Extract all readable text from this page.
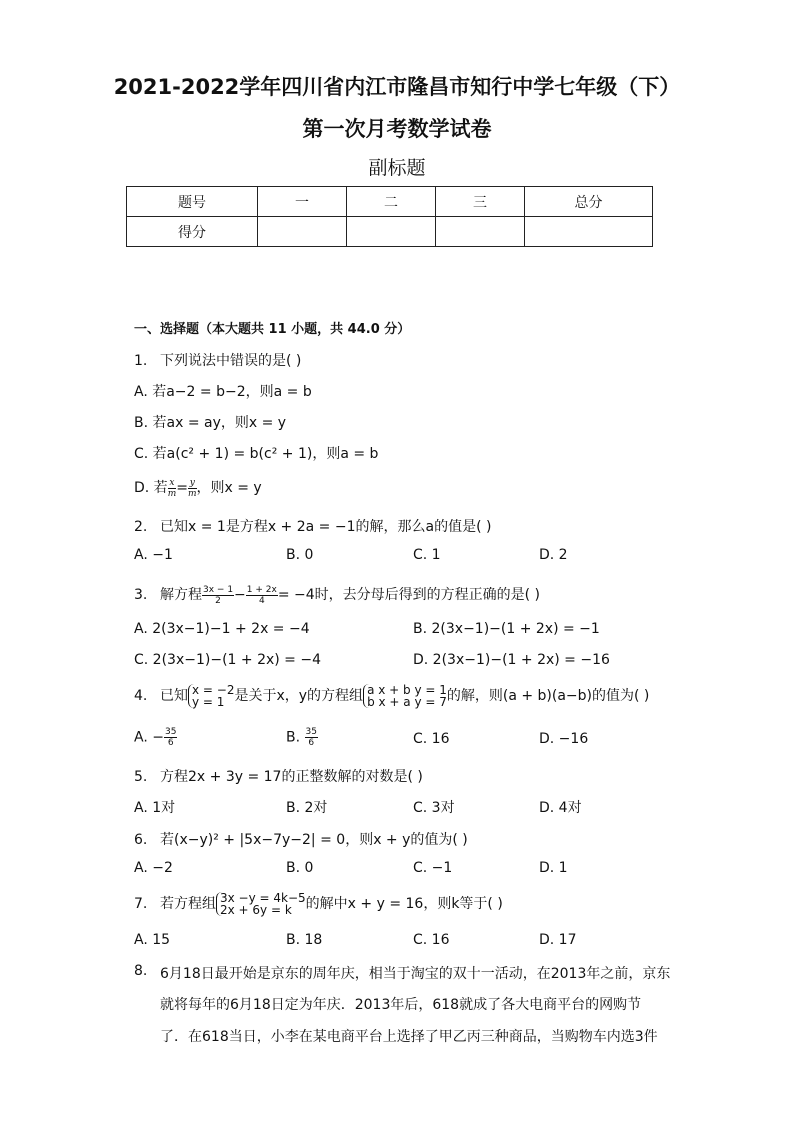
2021-2022学年四川省内江市隆昌市知行中学七年级（下）
第一次月考数学试卷
副标题
题号	一	二	三	总分
得分				
一、选择题（本大题共 11 小题，共 44.0 分）
1. 下列说法中错误的是( )
A. 若a−2 = b−2，则a = b
B. 若ax = ay，则x = y
C. 若a(c² + 1) = b(c² + 1)，则a = b
D. 若 $\frac{x}{m} = \frac{y}{m}$ ，则x = y
2. 已知x = 1是方程x + 2a = −1的解，那么a的值是( )
A. −1	B. 0	C. 1	D. 2
3. 解方程 $\frac{3x - 1}{2} - \frac{1 + 2x}{4} = -4$时，去分母后得到的方程正确的是( )
A. 2(3x−1)−1 + 2x = −4	B. 2(3x−1)−(1 + 2x) = −1
C. 2(3x−1)−(1 + 2x) = −4	D. 2(3x−1)−(1 + 2x) = −16
4. 已知 x = −2
y = 1 是关于x，y的方程组 a x + b y = 1
b x + a y = 7 的解，则(a + b)(a−b)的值为( )
A. − $\frac{35}{6}$	B. $\frac{35}{6}$	C. 16	D. −16
5. 方程2x + 3y = 17的正整数解的对数是( )
A. 1对	B. 2对	C. 3对	D. 4对
6. 若(x−y)² + |5x−7y−2| = 0，则x + y的值为( )
A. −2	B. 0	C. −1	D. 1
7. 若方程组 3x −y = 4k−5
2x + 6y = k 的解中x + y = 16，则k等于( )
A. 15	B. 18	C. 16	D. 17
8. 6月18日最开始是京东的周年庆，相当于淘宝的双十一活动，在2013年之前，京东
就将每年的6月18日定为年庆．2013年后，618就成了各大电商平台的网购节
了．在618当日，小李在某电商平台上选择了甲乙丙三种商品，当购物车内选3件
